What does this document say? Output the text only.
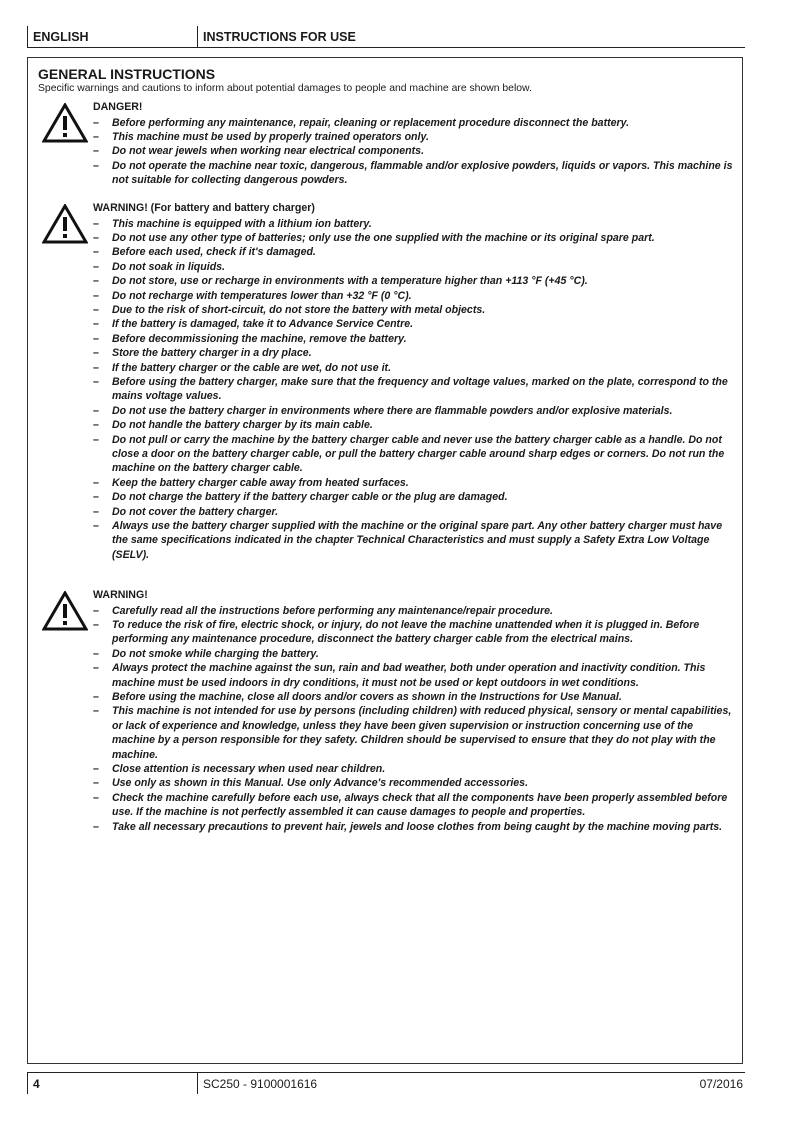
ENGLISH	INSTRUCTIONS FOR USE
GENERAL INSTRUCTIONS
Specific warnings and cautions to inform about potential damages to people and machine are shown below.
DANGER!
– Before performing any maintenance, repair, cleaning or replacement procedure disconnect the battery.
– This machine must be used by properly trained operators only.
– Do not wear jewels when working near electrical components.
– Do not operate the machine near toxic, dangerous, flammable and/or explosive powders, liquids or vapors. This machine is not suitable for collecting dangerous powders.
WARNING! (For battery and battery charger)
– This machine is equipped with a lithium ion battery.
– Do not use any other type of batteries; only use the one supplied with the machine or its original spare part.
– Before each used, check if it's damaged.
– Do not soak in liquids.
– Do not store, use or recharge in environments with a temperature higher than +113 °F (+45 °C).
– Do not recharge with temperatures lower than +32 °F (0 °C).
– Due to the risk of short-circuit, do not store the battery with metal objects.
– If the battery is damaged, take it to Advance Service Centre.
– Before decommissioning the machine, remove the battery.
– Store the battery charger in a dry place.
– If the battery charger or the cable are wet, do not use it.
– Before using the battery charger, make sure that the frequency and voltage values, marked on the plate, correspond to the mains voltage values.
– Do not use the battery charger in environments where there are flammable powders and/or explosive materials.
– Do not handle the battery charger by its main cable.
– Do not pull or carry the machine by the battery charger cable and never use the battery charger cable as a handle. Do not close a door on the battery charger cable, or pull the battery charger cable around sharp edges or corners. Do not run the machine on the battery charger cable.
– Keep the battery charger cable away from heated surfaces.
– Do not charge the battery if the battery charger cable or the plug are damaged.
– Do not cover the battery charger.
– Always use the battery charger supplied with the machine or the original spare part. Any other battery charger must have the same specifications indicated in the chapter Technical Characteristics and must supply a Safety Extra Low Voltage (SELV).
WARNING!
– Carefully read all the instructions before performing any maintenance/repair procedure.
– To reduce the risk of fire, electric shock, or injury, do not leave the machine unattended when it is plugged in. Before performing any maintenance procedure, disconnect the battery charger cable from the electrical mains.
– Do not smoke while charging the battery.
– Always protect the machine against the sun, rain and bad weather, both under operation and inactivity condition. This machine must be used indoors in dry conditions, it must not be used or kept outdoors in wet conditions.
– Before using the machine, close all doors and/or covers as shown in the Instructions for Use Manual.
– This machine is not intended for use by persons (including children) with reduced physical, sensory or mental capabilities, or lack of experience and knowledge, unless they have been given supervision or instruction concerning use of the machine by a person responsible for they safety. Children should be supervised to ensure that they do not play with the machine.
– Close attention is necessary when used near children.
– Use only as shown in this Manual. Use only Advance's recommended accessories.
– Check the machine carefully before each use, always check that all the components have been properly assembled before use. If the machine is not perfectly assembled it can cause damages to people and properties.
– Take all necessary precautions to prevent hair, jewels and loose clothes from being caught by the machine moving parts.
4	SC250 - 9100001616	07/2016
